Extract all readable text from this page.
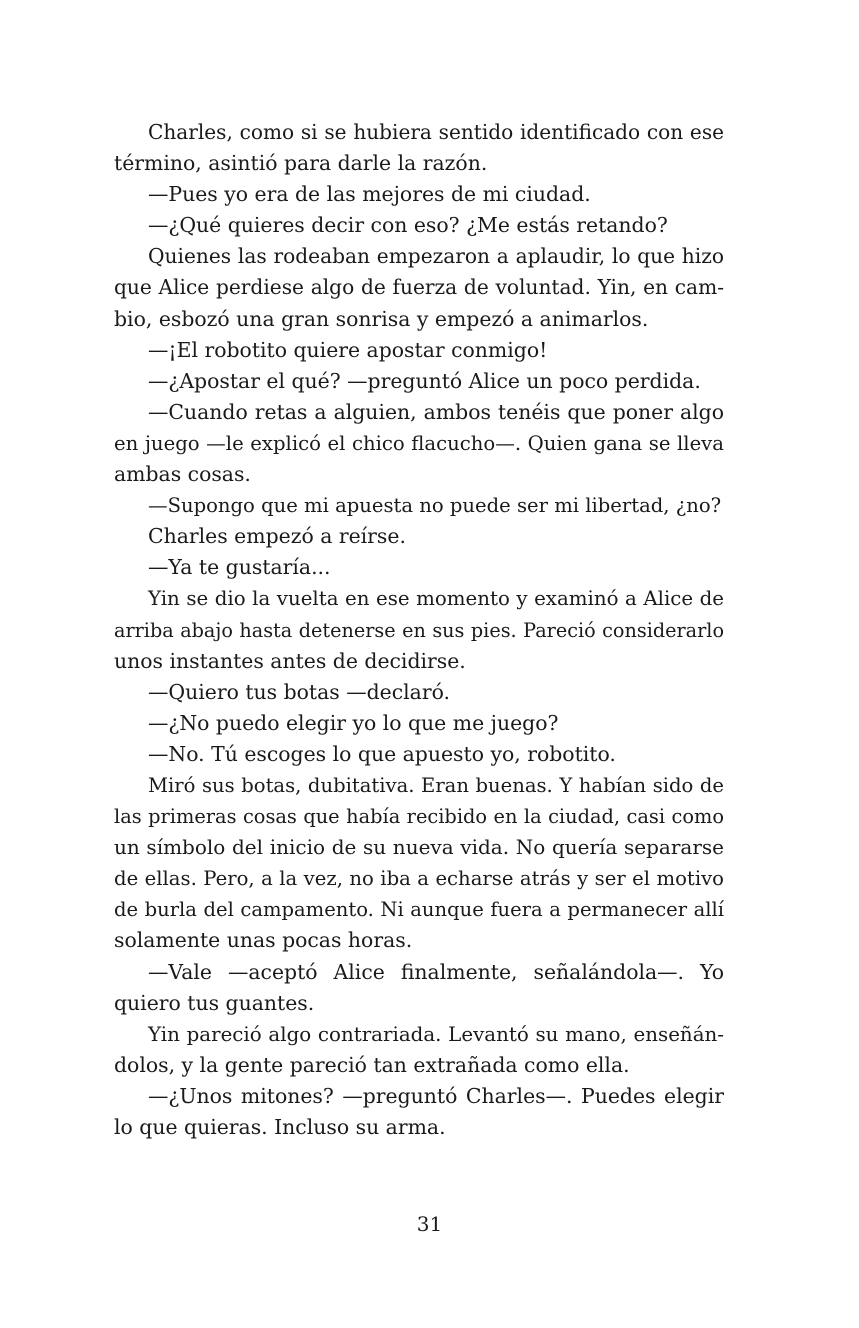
Charles, como si se hubiera sentido identificado con ese
término, asintió para darle la razón.
—Pues yo era de las mejores de mi ciudad.
—¿Qué quieres decir con eso? ¿Me estás retando?
Quienes las rodeaban empezaron a aplaudir, lo que hizo
que Alice perdiese algo de fuerza de voluntad. Yin, en cam-
bio, esbozó una gran sonrisa y empezó a animarlos.
—¡El robotito quiere apostar conmigo!
—¿Apostar el qué? —preguntó Alice un poco perdida.
—Cuando retas a alguien, ambos tenéis que poner algo
en juego —le explicó el chico flacucho—. Quien gana se lleva
ambas cosas.
—Supongo que mi apuesta no puede ser mi libertad, ¿no?
Charles empezó a reírse.
—Ya te gustaría...
Yin se dio la vuelta en ese momento y examinó a Alice de
arriba abajo hasta detenerse en sus pies. Pareció considerarlo
unos instantes antes de decidirse.
—Quiero tus botas —declaró.
—¿No puedo elegir yo lo que me juego?
—No. Tú escoges lo que apuesto yo, robotito.
Miró sus botas, dubitativa. Eran buenas. Y habían sido de
las primeras cosas que había recibido en la ciudad, casi como
un símbolo del inicio de su nueva vida. No quería separarse
de ellas. Pero, a la vez, no iba a echarse atrás y ser el motivo
de burla del campamento. Ni aunque fuera a permanecer allí
solamente unas pocas horas.
—Vale —aceptó Alice finalmente, señalándola—. Yo
quiero tus guantes.
Yin pareció algo contrariada. Levantó su mano, enseñán-
dolos, y la gente pareció tan extrañada como ella.
—¿Unos mitones? —preguntó Charles—. Puedes elegir
lo que quieras. Incluso su arma.
31
